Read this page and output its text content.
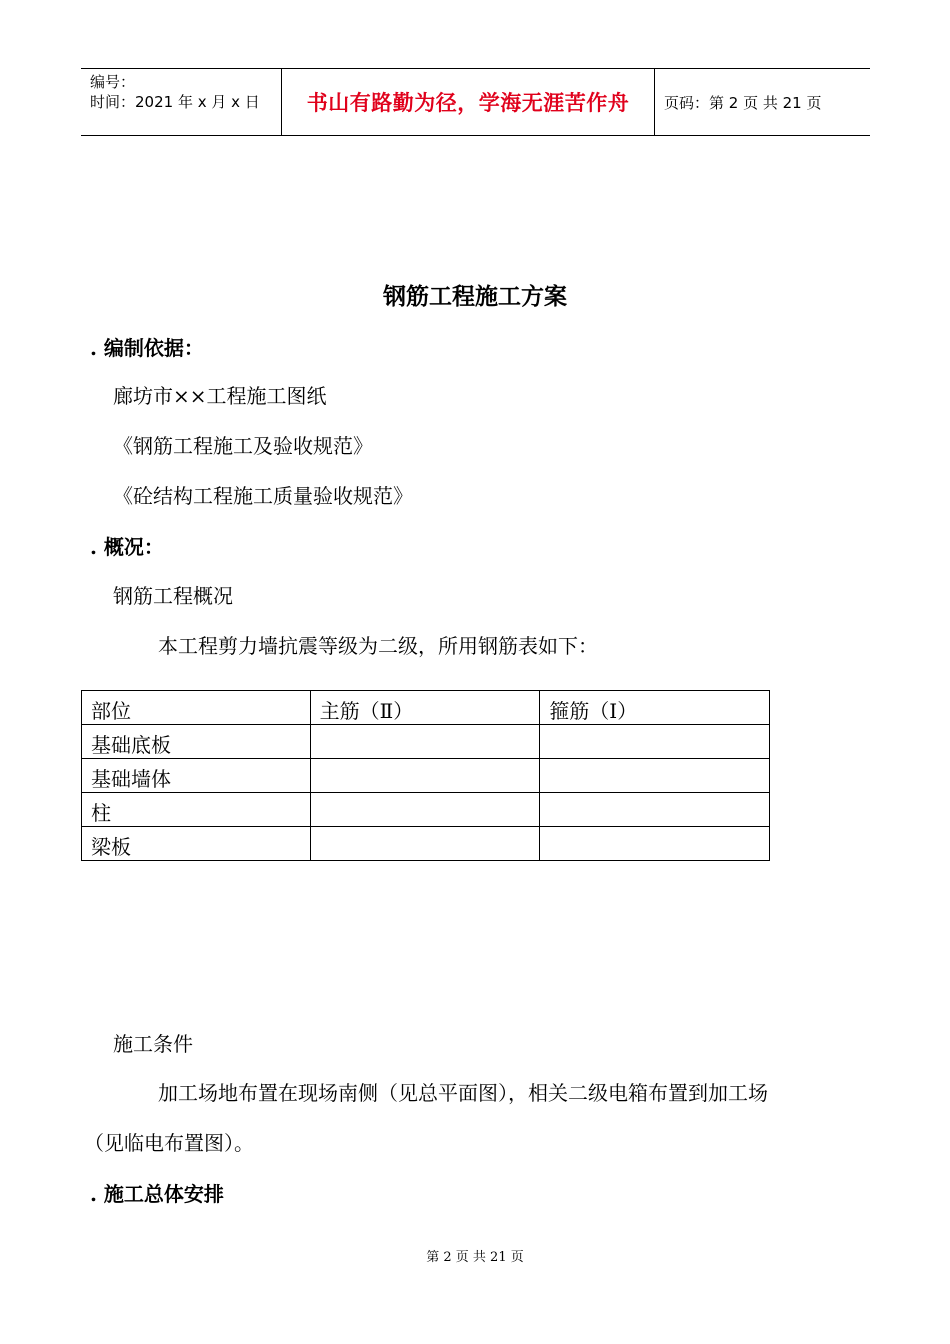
编号：
时间：2021 年 x 月 x 日 书山有路勤为径，学海无涯苦作舟 页码：第 2 页 共 21 页
钢筋工程施工方案
. 编制依据：
廊坊市××工程施工图纸
《钢筋工程施工及验收规范》
《砼结构工程施工质量验收规范》
. 概况：
钢筋工程概况
本工程剪力墙抗震等级为二级，所用钢筋表如下：
部位	主筋（Ⅱ）	箍筋（Ⅰ）
基础底板		
基础墙体		
柱		
梁板		
施工条件
加工场地布置在现场南侧（见总平面图），相关二级电箱布置到加工场
（见临电布置图）。
. 施工总体安排
第 2 页 共 21 页
